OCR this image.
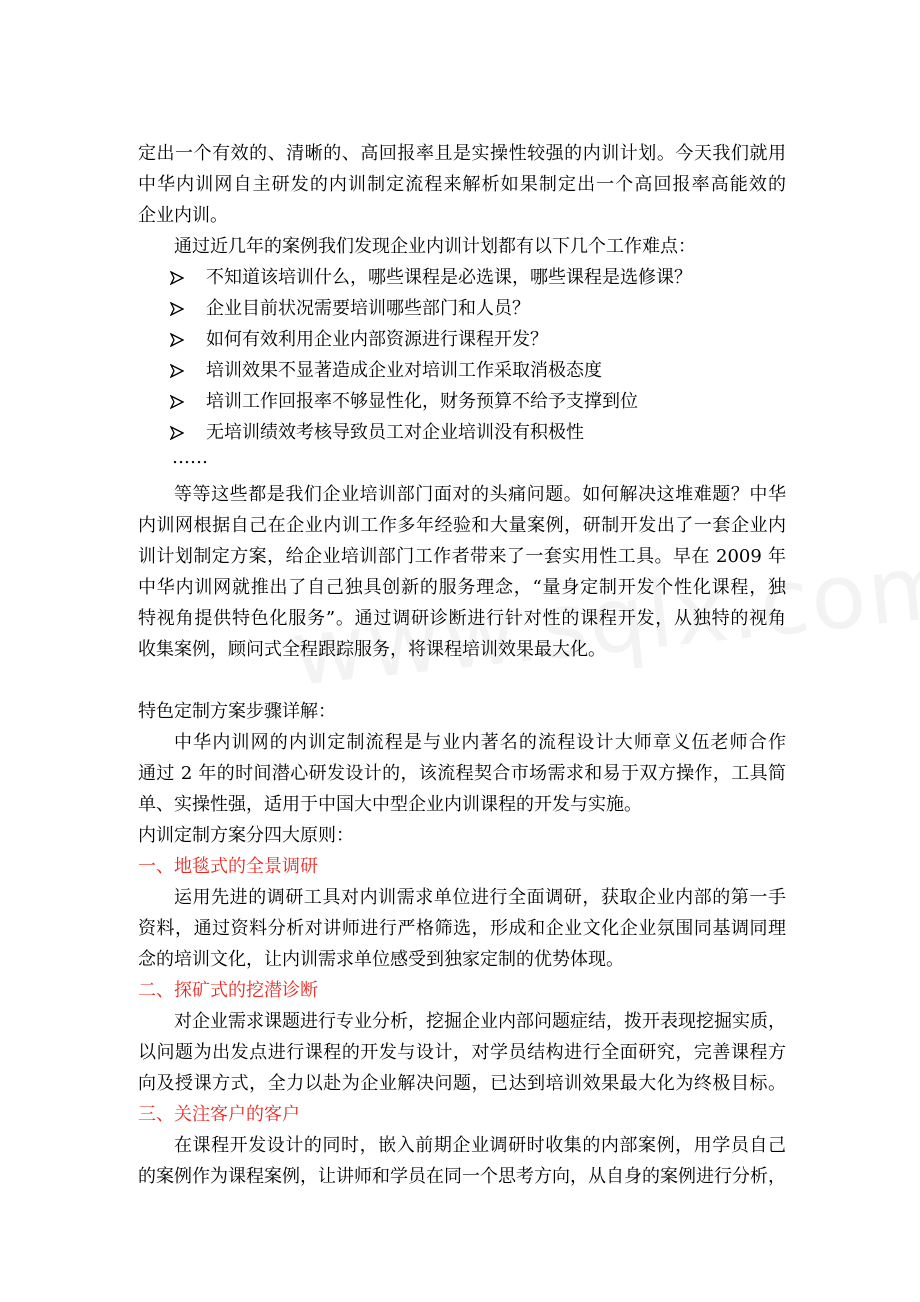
定出一个有效的、清晰的、高回报率且是实操性较强的内训计划。今天我们就用
中华内训网自主研发的内训制定流程来解析如果制定出一个高回报率高能效的
企业内训。
通过近几年的案例我们发现企业内训计划都有以下几个工作难点：
不知道该培训什么，哪些课程是必选课，哪些课程是选修课？
企业目前状况需要培训哪些部门和人员？
如何有效利用企业内部资源进行课程开发？
培训效果不显著造成企业对培训工作采取消极态度
培训工作回报率不够显性化，财务预算不给予支撑到位
无培训绩效考核导致员工对企业培训没有积极性
……
等等这些都是我们企业培训部门面对的头痛问题。如何解决这堆难题？中华
内训网根据自己在企业内训工作多年经验和大量案例，研制开发出了一套企业内
训计划制定方案，给企业培训部门工作者带来了一套实用性工具。早在 2009 年
中华内训网就推出了自己独具创新的服务理念，“量身定制开发个性化课程，独
特视角提供特色化服务”。通过调研诊断进行针对性的课程开发，从独特的视角
收集案例，顾问式全程跟踪服务，将课程培训效果最大化。
特色定制方案步骤详解：
中华内训网的内训定制流程是与业内著名的流程设计大师章义伍老师合作
通过 2 年的时间潜心研发设计的，该流程契合市场需求和易于双方操作，工具简
单、实操性强，适用于中国大中型企业内训课程的开发与实施。
内训定制方案分四大原则：
一、地毯式的全景调研
运用先进的调研工具对内训需求单位进行全面调研，获取企业内部的第一手
资料，通过资料分析对讲师进行严格筛选，形成和企业文化企业氛围同基调同理
念的培训文化，让内训需求单位感受到独家定制的优势体现。
二、探矿式的挖潜诊断
对企业需求课题进行专业分析，挖掘企业内部问题症结，拨开表现挖掘实质，
以问题为出发点进行课程的开发与设计，对学员结构进行全面研究，完善课程方
向及授课方式，全力以赴为企业解决问题，已达到培训效果最大化为终极目标。
三、关注客户的客户
在课程开发设计的同时，嵌入前期企业调研时收集的内部案例，用学员自己
的案例作为课程案例，让讲师和学员在同一个思考方向，从自身的案例进行分析，
